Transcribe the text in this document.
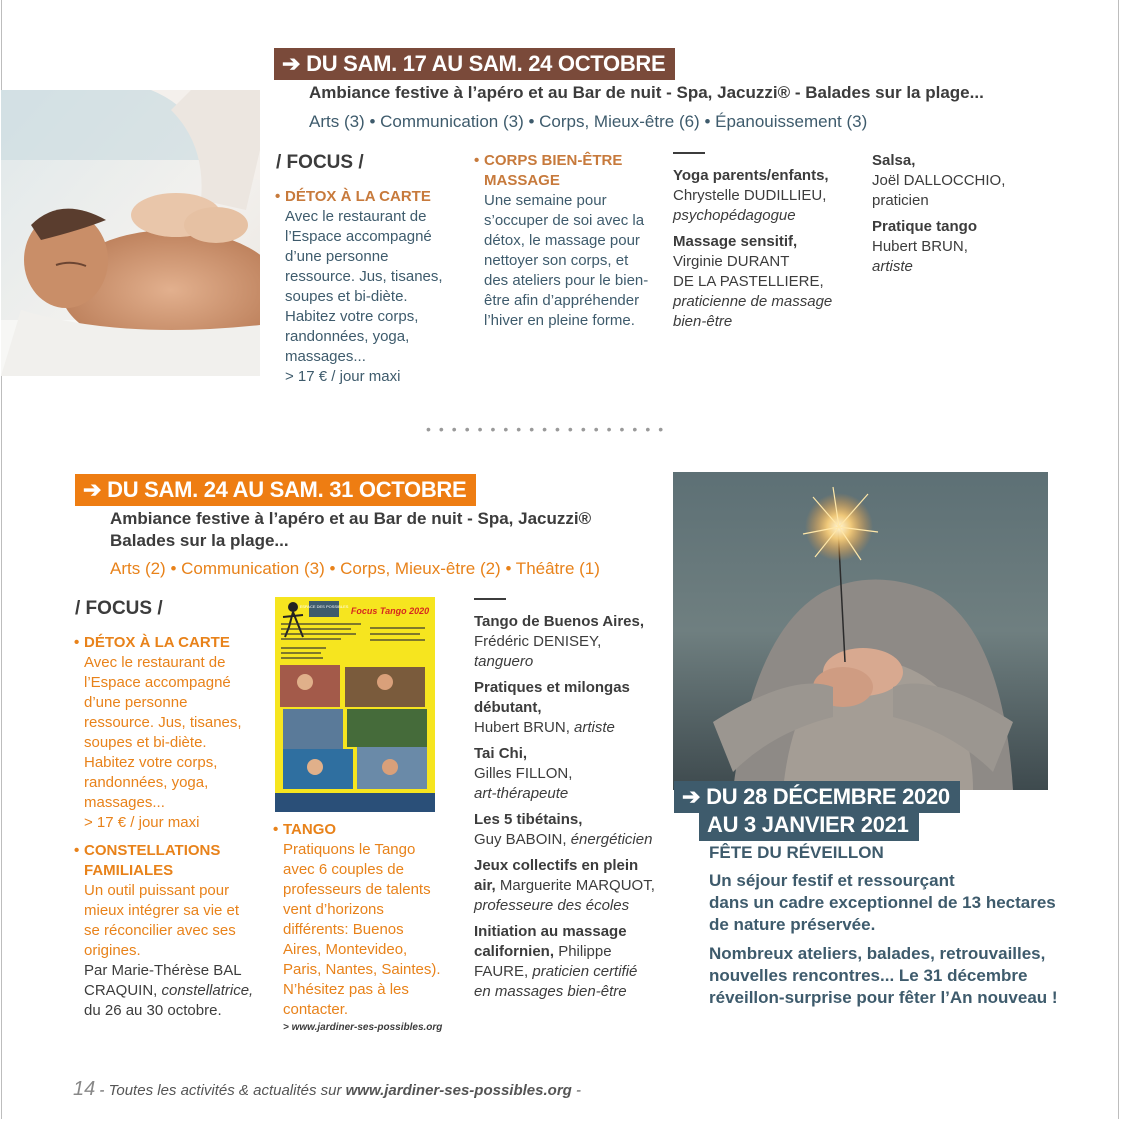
➔ DU SAM. 17 AU SAM. 24 OCTOBRE
Ambiance festive à l’apéro et au Bar de nuit - Spa, Jacuzzi® - Balades sur la plage...
Arts (3) • Communication (3) • Corps, Mieux-être (6) • Épanouissement (3)
/ FOCUS /
• DÉTOX À LA CARTE
Avec le restaurant de
l’Espace accompagné
d’une personne
ressource. Jus, tisanes,
soupes et bi-diète.
Habitez votre corps,
randonnées, yoga,
massages...
> 17 € / jour maxi
• CORPS BIEN-ÊTRE
MASSAGE
Une semaine pour
s’occuper de soi avec la
détox, le massage pour
nettoyer son corps, et
des ateliers pour le bien-
être afin d’appréhender
l’hiver en pleine forme.
Yoga parents/enfants,
Chrystelle DUDILLIEU,
psychopédagogue
Massage sensitif,
Virginie DURANT
DE LA PASTELLIERE,
praticienne de massage
bien-être
Salsa,
Joël DALLOCCHIO,
praticien
Pratique tango
Hubert BRUN,
artiste
•••••••••••••••••••
➔ DU SAM. 24 AU SAM. 31 OCTOBRE
Ambiance festive à l’apéro et au Bar de nuit - Spa, Jacuzzi®
Balades sur la plage...
Arts (2) • Communication (3) • Corps, Mieux-être (2) • Théâtre (1)
/ FOCUS /
• DÉTOX À LA CARTE
Avec le restaurant de
l’Espace accompagné
d’une personne
ressource. Jus, tisanes,
soupes et bi-diète.
Habitez votre corps,
randonnées, yoga,
massages...
> 17 € / jour maxi
• CONSTELLATIONS
FAMILIALES
Un outil puissant pour
mieux intégrer sa vie et
se réconcilier avec ses
origines.
Par Marie-Thérèse BAL
CRAQUIN, constellatrice,
du 26 au 30 octobre.
ESPACE DES POSSIBLES Focus Tango 2020
• TANGO
Pratiquons le Tango
avec 6 couples de
professeurs de talents
vent d’horizons
différents: Buenos
Aires, Montevideo,
Paris, Nantes, Saintes).
N’hésitez pas à les
contacter.
> www.jardiner-ses-possibles.org
Tango de Buenos Aires,
Frédéric DENISEY, tanguero
Pratiques et milongas
débutant,
Hubert BRUN, artiste
Tai Chi,
Gilles FILLON,
art-thérapeute
Les 5 tibétains,
Guy BABOIN, énergéticien
Jeux collectifs en plein
air, Marguerite MARQUOT,
professeure des écoles
Initiation au massage
californien, Philippe
FAURE, praticien certifié
en massages bien-être
➔ DU 28 DÉCEMBRE 2020
AU 3 JANVIER 2021
FÊTE DU RÉVEILLON
Un séjour festif et ressourçant
dans un cadre exceptionnel de 13 hectares
de nature préservée.
Nombreux ateliers, balades, retrouvailles,
nouvelles rencontres... Le 31 décembre
réveillon-surprise pour fêter l’An nouveau !
14 - Toutes les activités & actualités sur www.jardiner-ses-possibles.org -
